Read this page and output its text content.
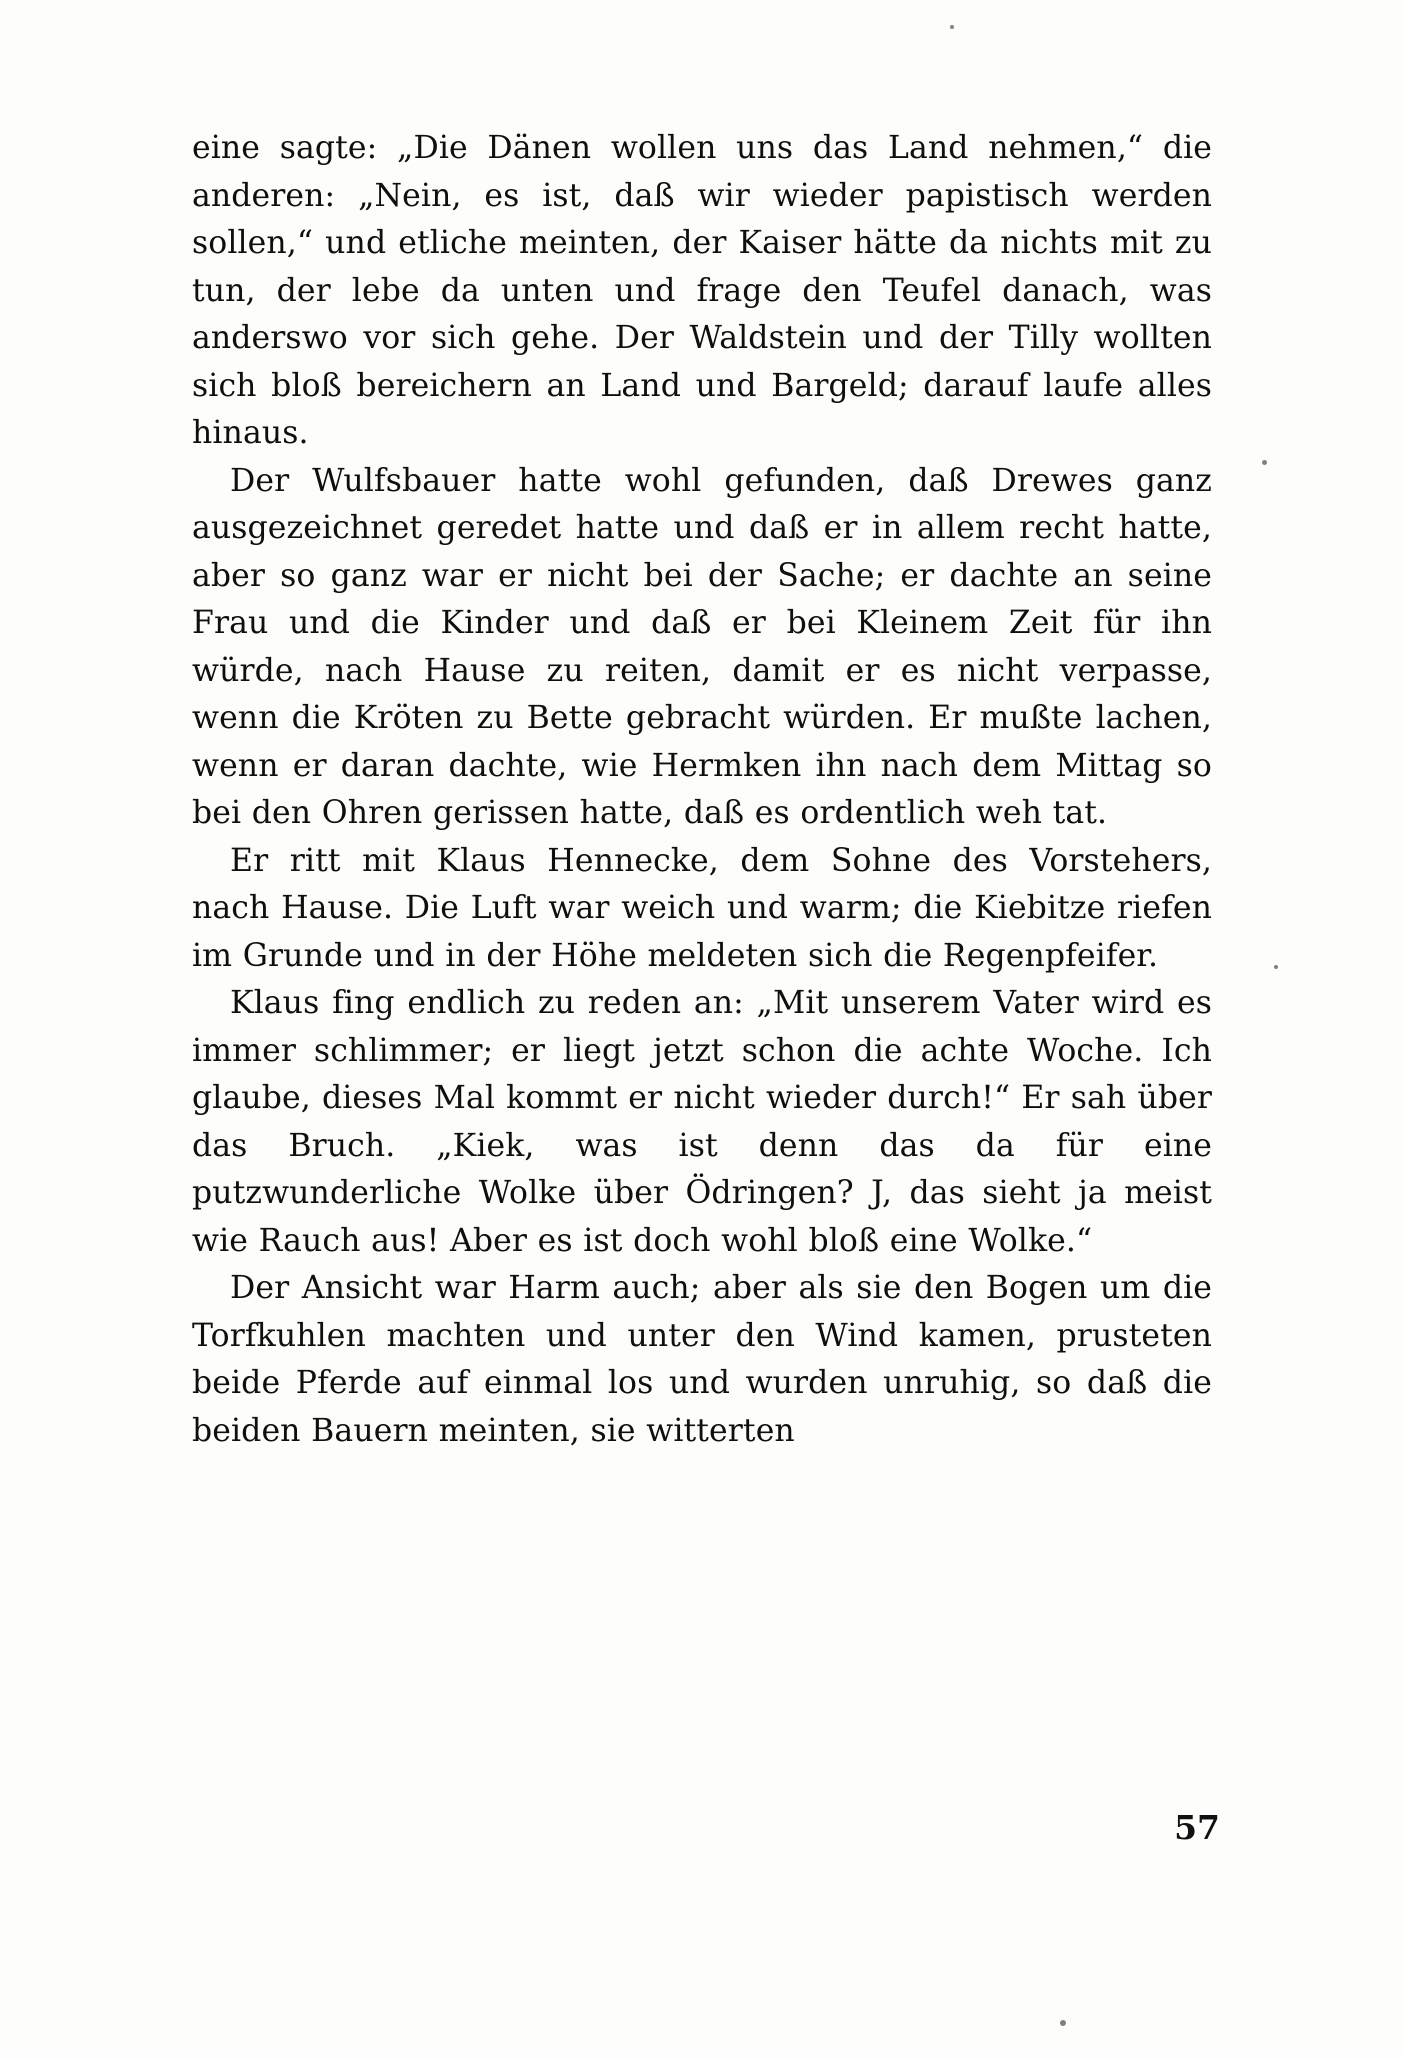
eine sagte: „Die Dänen wollen uns das Land nehmen,“ die anderen: „Nein, es ist, daß wir wieder papistisch werden sollen,“ und etliche meinten, der Kaiser hätte da nichts mit zu tun, der lebe da unten und frage den Teufel danach, was anderswo vor sich gehe. Der Waldstein und der Tilly wollten sich bloß bereichern an Land und Bargeld; darauf laufe alles hinaus.

Der Wulfsbauer hatte wohl gefunden, daß Drewes ganz ausgezeichnet geredet hatte und daß er in allem recht hatte, aber so ganz war er nicht bei der Sache; er dachte an seine Frau und die Kinder und daß er bei Kleinem Zeit für ihn würde, nach Hause zu reiten, damit er es nicht verpasse, wenn die Kröten zu Bette gebracht würden. Er mußte lachen, wenn er daran dachte, wie Hermken ihn nach dem Mittag so bei den Ohren gerissen hatte, daß es ordentlich weh tat.

Er ritt mit Klaus Hennecke, dem Sohne des Vorstehers, nach Hause. Die Luft war weich und warm; die Kiebitze riefen im Grunde und in der Höhe meldeten sich die Regenpfeifer.

Klaus fing endlich zu reden an: „Mit unserem Vater wird es immer schlimmer; er liegt jetzt schon die achte Woche. Ich glaube, dieses Mal kommt er nicht wieder durch!“ Er sah über das Bruch. „Kiek, was ist denn das da für eine putzwunderliche Wolke über Ödringen? J, das sieht ja meist wie Rauch aus! Aber es ist doch wohl bloß eine Wolke.“

Der Ansicht war Harm auch; aber als sie den Bogen um die Torfkuhlen machten und unter den Wind kamen, prusteten beide Pferde auf einmal los und wurden unruhig, so daß die beiden Bauern meinten, sie witterten

57
